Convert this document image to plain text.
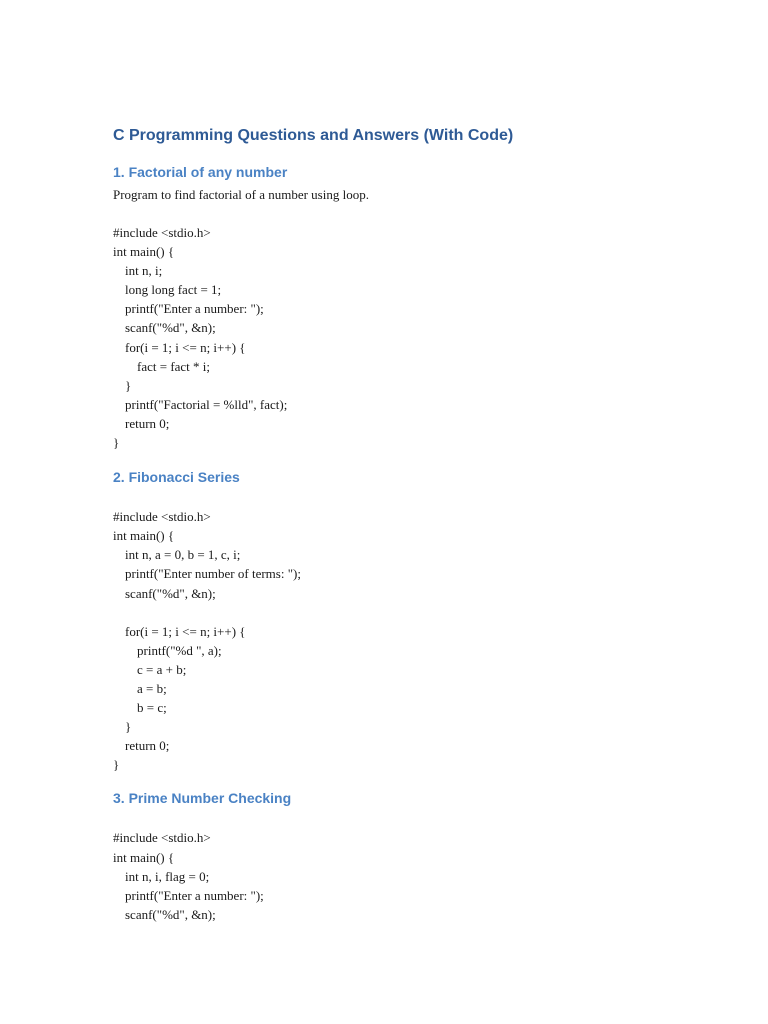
C Programming Questions and Answers (With Code)
1. Factorial of any number

Program to find factorial of a number using loop.

#include <stdio.h>
int main() {
int n, i;
long long fact = 1;
printf("Enter a number: ");
scanf("%d", &n);
for(i = 1; i <= n; i++) {
fact = fact * i;
}
printf("Factorial = %lld", fact);
return 0;
}
2. Fibonacci Series
#include <stdio.h>
int main() {
int n, a = 0, b = 1, c, i;
printf("Enter number of terms: ");
scanf("%d", &n);
for(i = 1; i <= n; i++) {
printf("%d ", a);
c = a + b;
a = b;
b = c;
}
return 0;
}
3. Prime Number Checking
#include <stdio.h>
int main() {
int n, i, flag = 0;
printf("Enter a number: ");
scanf("%d", &n);
